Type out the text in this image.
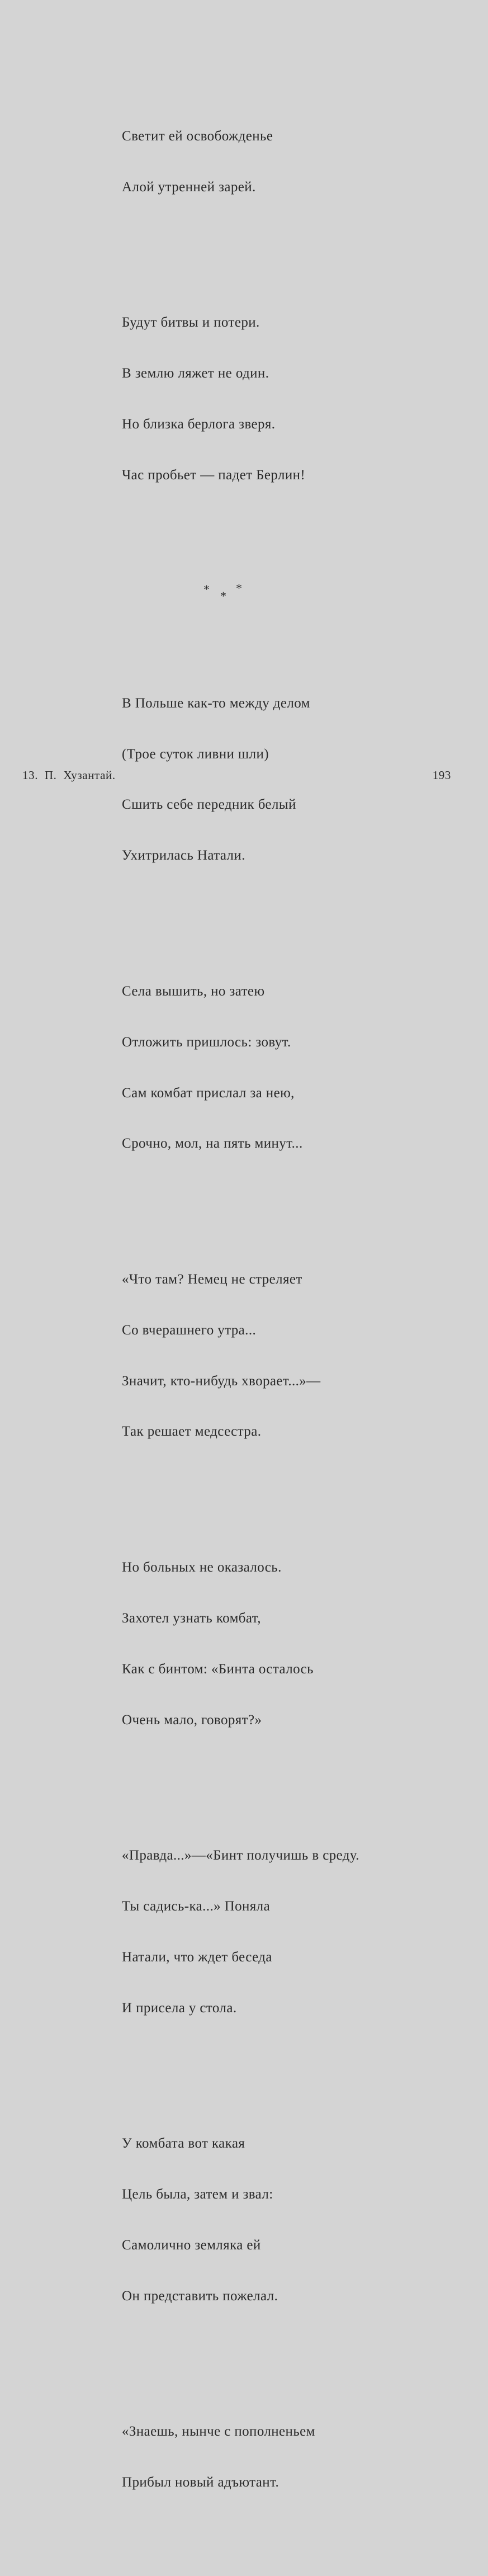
Светит ей освобожденье

Алой утренней зарей.

Будут битвы и потери.

В землю ляжет не один.

Но близка берлога зверя.

Час пробьет — падет Берлин!

*

*

*

В Польше как-то между делом

(Трое суток ливни шли)

Сшить себе передник белый

Ухитрилась Натали.

Села вышить, но затею

Отложить пришлось: зовут.

Сам комбат прислал за нею,

Срочно, мол, на пять минут...

«Что там? Немец не стреляет

Со вчерашнего утра...

Значит, кто-нибудь хворает...»—

Так решает медсестра.

Но больных не оказалось.

Захотел узнать комбат,

Как с бинтом: «Бинта осталось

Очень мало, говорят?»

«Правда...»—«Бинт получишь в среду.

Ты садись-ка...» Поняла

Натали, что ждет беседа

И присела у стола.

У комбата вот какая

Цель была, затем и звал:

Самолично земляка ей

Он представить пожелал.

«Знаешь, нынче с пополненьем

Прибыл новый адъютант.

13. П. Хузантай.	193
